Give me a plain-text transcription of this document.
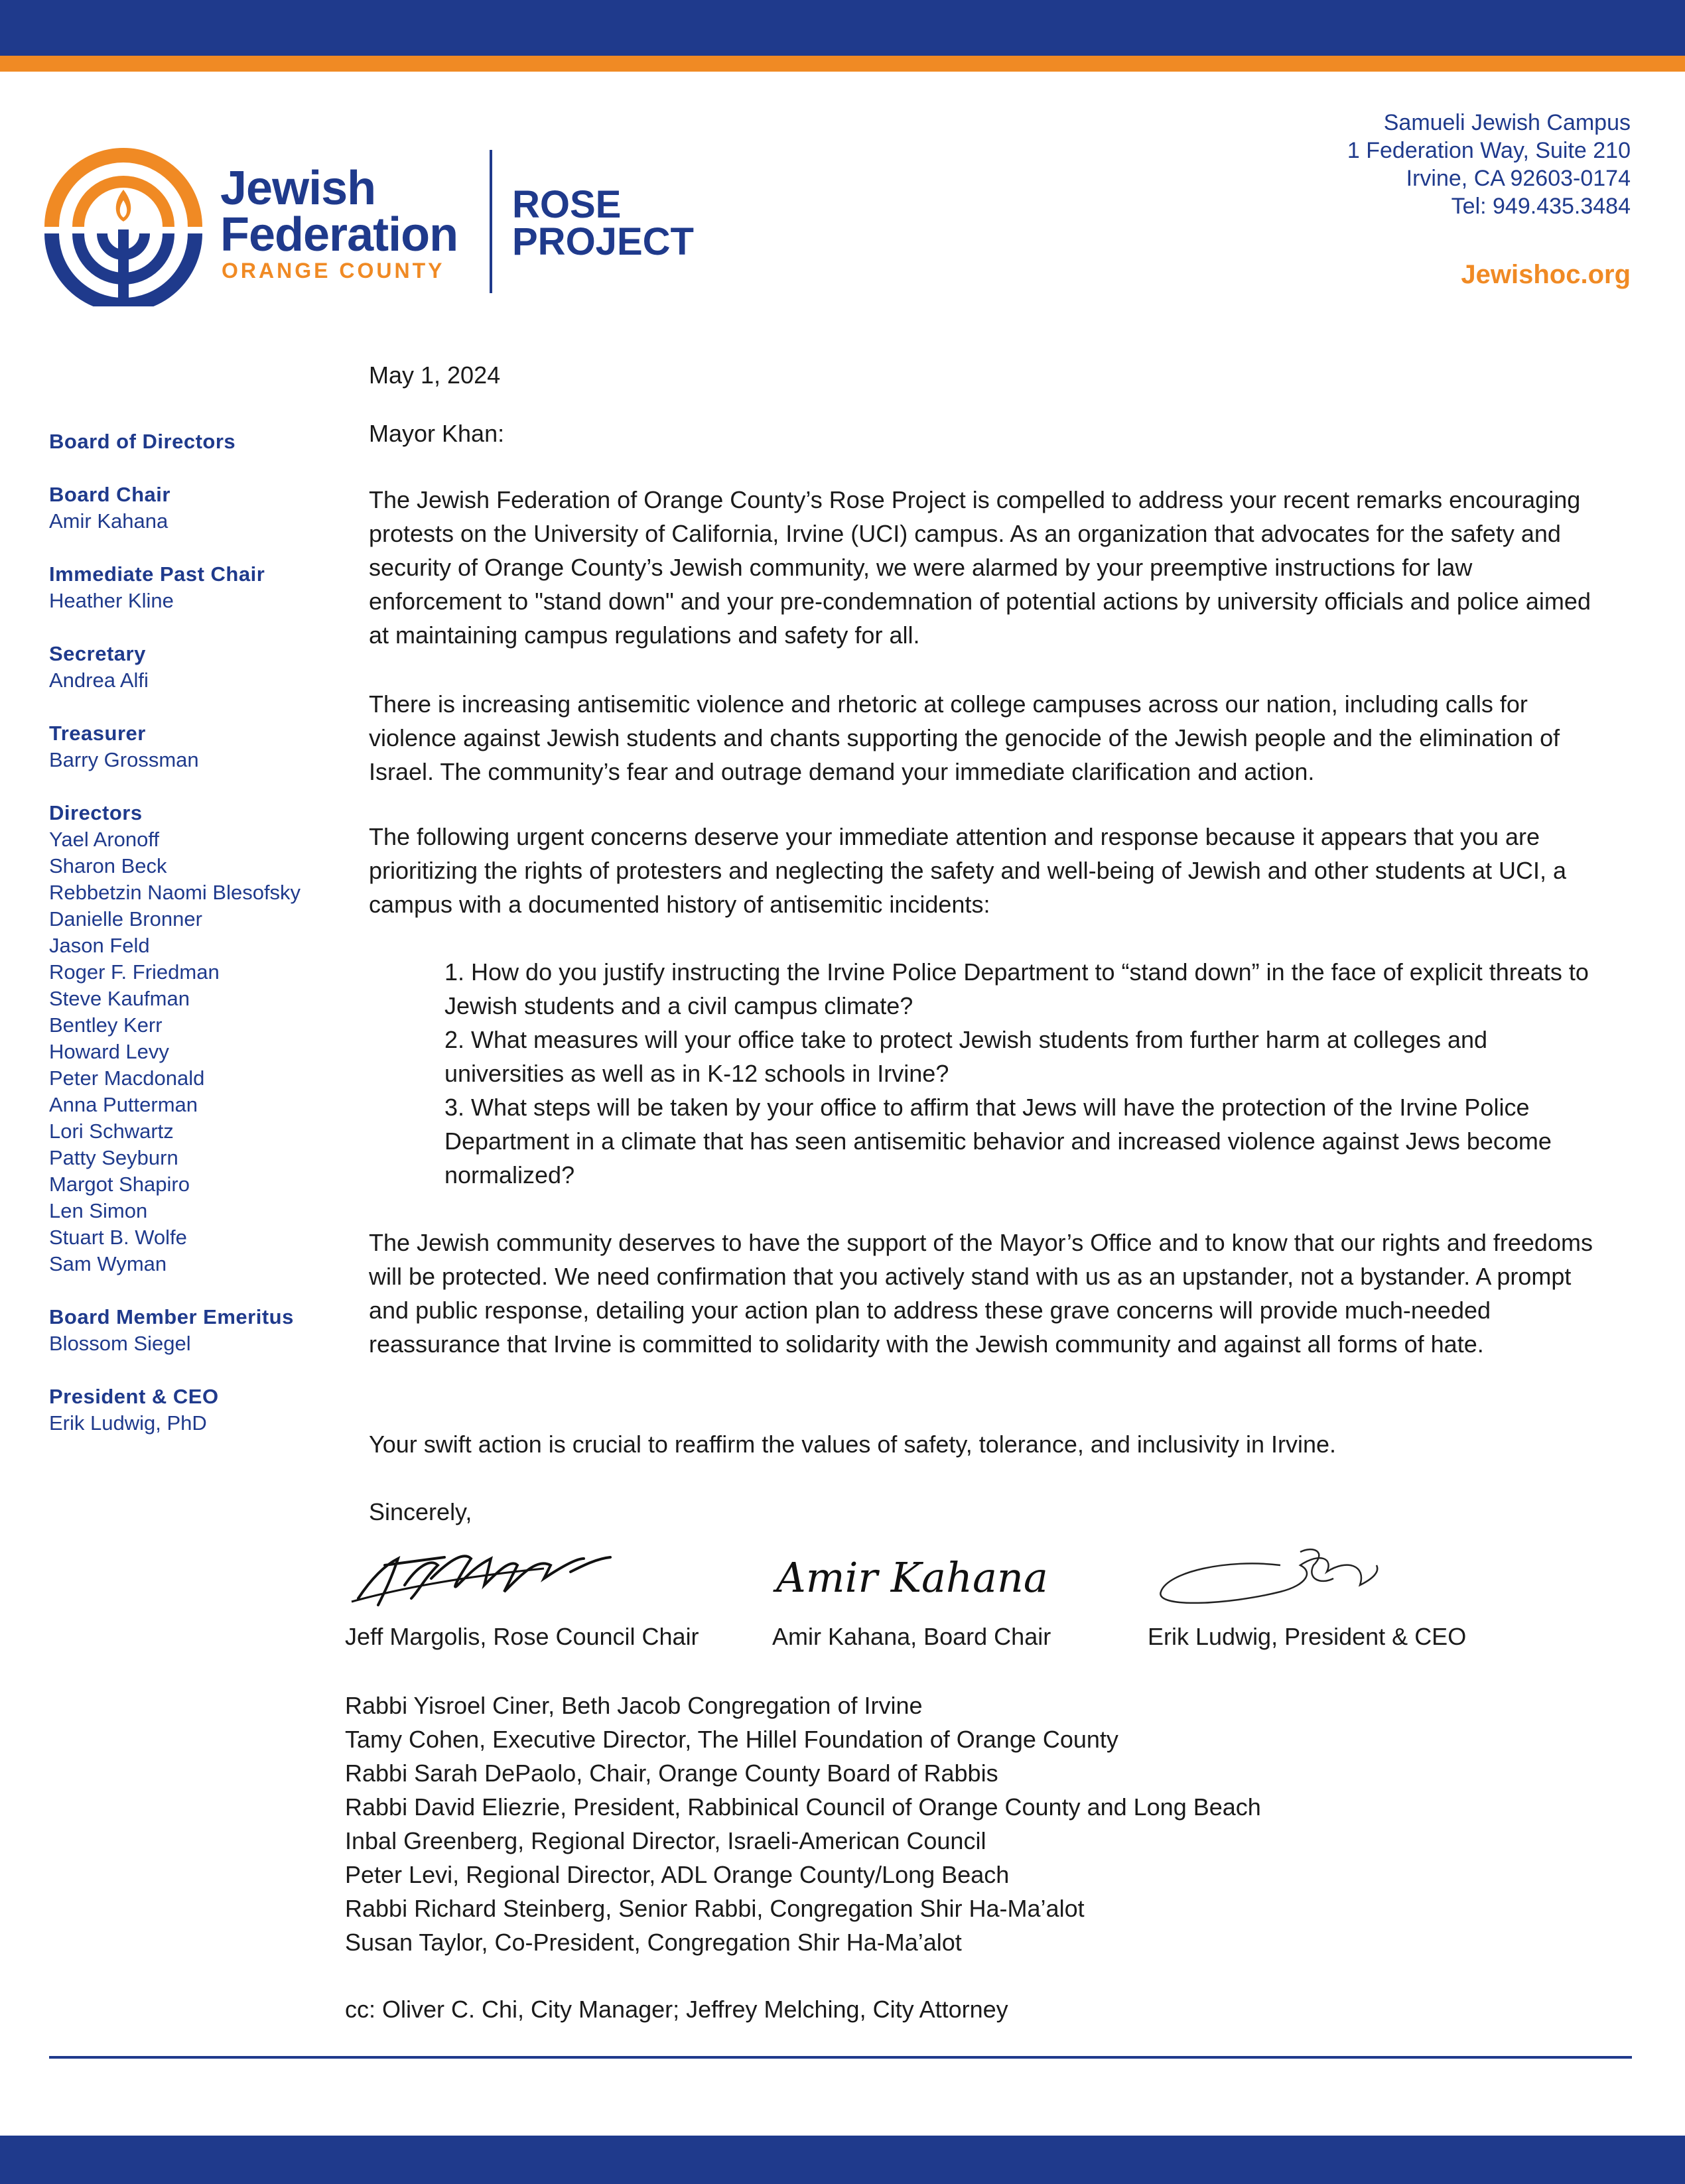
Jewish
Federation
ORANGE COUNTY
ROSE
PROJECT
Samueli Jewish Campus
1 Federation Way, Suite 210
Irvine, CA 92603-0174
Tel: 949.435.3484
Jewishoc.org
Board of Directors
Board Chair
Amir Kahana
Immediate Past Chair
Heather Kline
Secretary
Andrea Alfi
Treasurer
Barry Grossman
Directors
Yael Aronoff
Sharon Beck
Rebbetzin Naomi Blesofsky
Danielle Bronner
Jason Feld
Roger F. Friedman
Steve Kaufman
Bentley Kerr
Howard Levy
Peter Macdonald
Anna Putterman
Lori Schwartz
Patty Seyburn
Margot Shapiro
Len Simon
Stuart B. Wolfe
Sam Wyman
Board Member Emeritus
Blossom Siegel
President & CEO
Erik Ludwig, PhD
May 1, 2024
Mayor Khan:
The Jewish Federation of Orange County’s Rose Project is compelled to address your recent remarks encouraging protests on the University of California, Irvine (UCI) campus. As an organization that advocates for the safety and security of Orange County’s Jewish community, we were alarmed by your preemptive instructions for law enforcement to "stand down" and your pre-condemnation of potential actions by university officials and police aimed at maintaining campus regulations and safety for all.
There is increasing antisemitic violence and rhetoric at college campuses across our nation, including calls for violence against Jewish students and chants supporting the genocide of the Jewish people and the elimination of Israel. The community’s fear and outrage demand your immediate clarification and action.
The following urgent concerns deserve your immediate attention and response because it appears that you are prioritizing the rights of protesters and neglecting the safety and well-being of Jewish and other students at UCI, a campus with a documented history of antisemitic incidents:
1. How do you justify instructing the Irvine Police Department to “stand down” in the face of explicit threats to Jewish students and a civil campus climate?
2. What measures will your office take to protect Jewish students from further harm at colleges and universities as well as in K-12 schools in Irvine?
3. What steps will be taken by your office to affirm that Jews will have the protection of the Irvine Police Department in a climate that has seen antisemitic behavior and increased violence against Jews become normalized?
The Jewish community deserves to have the support of the Mayor’s Office and to know that our rights and freedoms will be protected. We need confirmation that you actively stand with us as an upstander, not a bystander. A prompt and public response, detailing your action plan to address these grave concerns will provide much-needed reassurance that Irvine is committed to solidarity with the Jewish community and against all forms of hate.
Your swift action is crucial to reaffirm the values of safety, tolerance, and inclusivity in Irvine.
Sincerely,
Amir Kahana
Jeff Margolis, Rose Council Chair	Amir Kahana, Board Chair	Erik Ludwig, President & CEO
Rabbi Yisroel Ciner, Beth Jacob Congregation of Irvine
Tamy Cohen, Executive Director, The Hillel Foundation of Orange County
Rabbi Sarah DePaolo, Chair, Orange County Board of Rabbis
Rabbi David Eliezrie, President, Rabbinical Council of Orange County and Long Beach
Inbal Greenberg, Regional Director, Israeli-American Council
Peter Levi, Regional Director, ADL Orange County/Long Beach
Rabbi Richard Steinberg, Senior Rabbi, Congregation Shir Ha-Ma’alot
Susan Taylor, Co-President, Congregation Shir Ha-Ma’alot
cc: Oliver C. Chi, City Manager; Jeffrey Melching, City Attorney
